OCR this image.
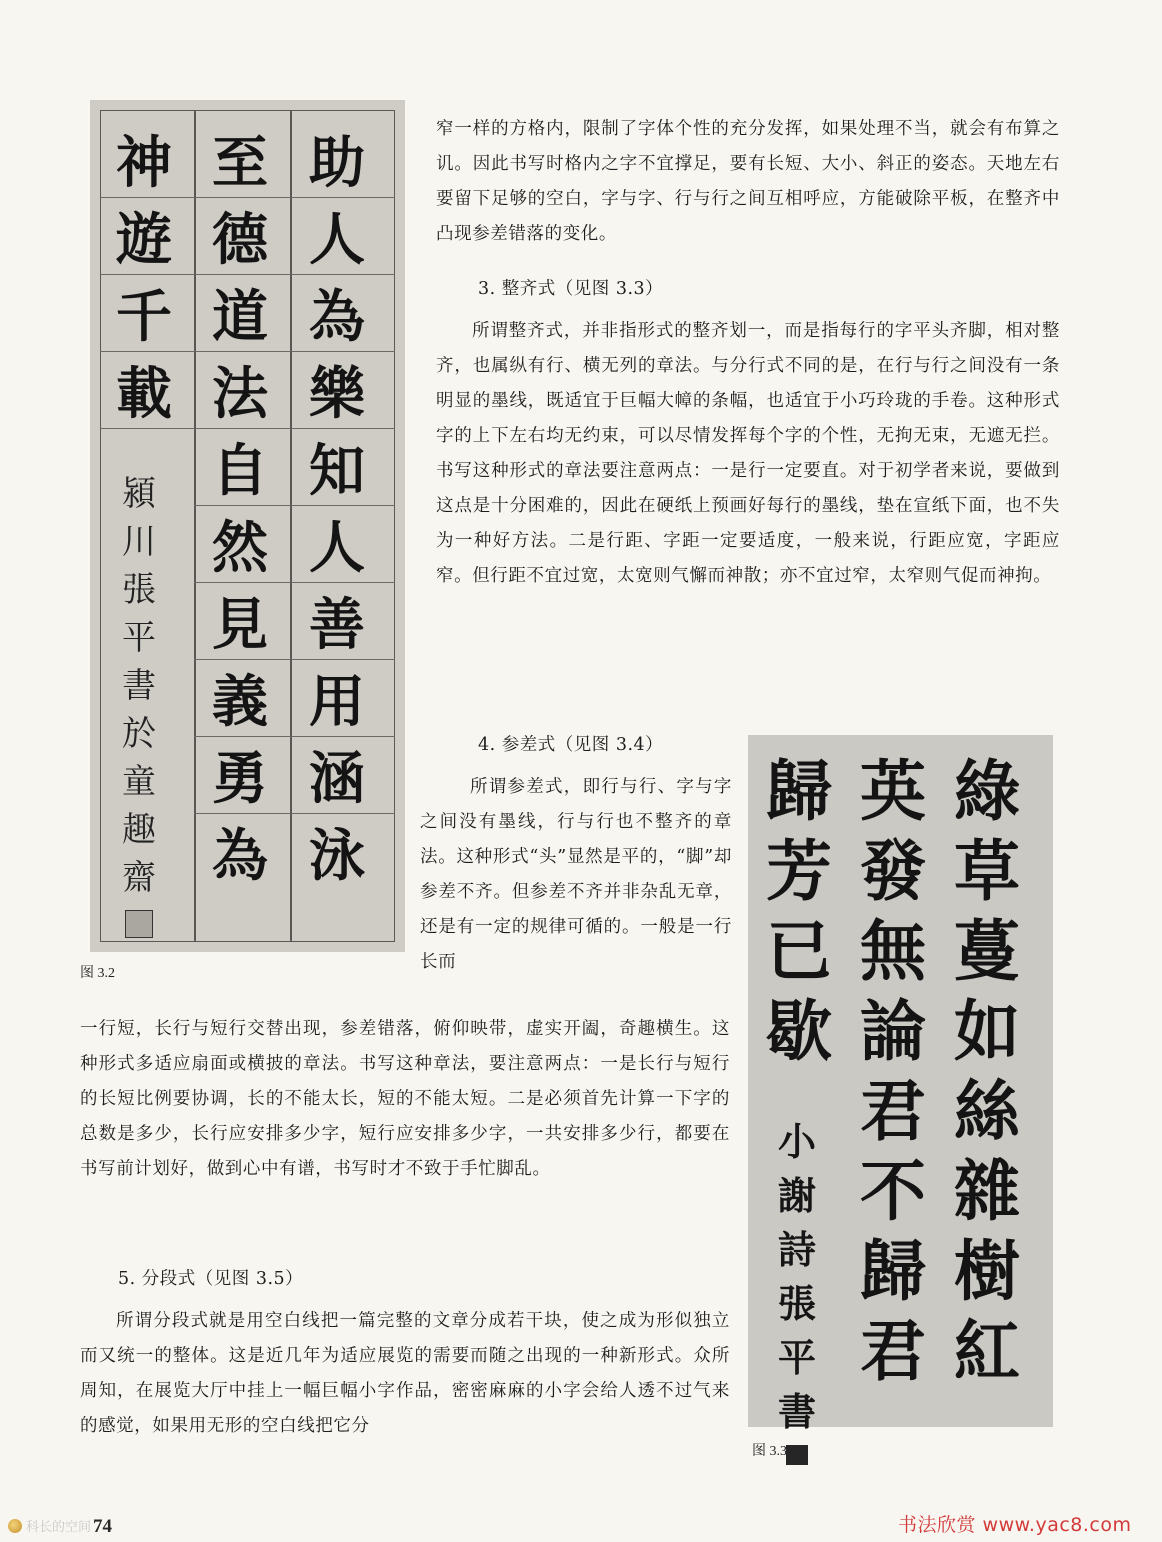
神
遊
千
載
潁
川
張
平
書
於
童
趣
齋
至
德
道
法
自
然
見
義
勇
為
助
人
為
樂
知
人
善
用
涵
泳
图 3.2

窄一样的方格内，限制了字体个性的充分发挥，如果处理不当，就会有布算之讥。因此书写时格内之字不宜撑足，要有长短、大小、斜正的姿态。天地左右要留下足够的空白，字与字、行与行之间互相呼应，方能破除平板，在整齐中凸现参差错落的变化。

3. 整齐式（见图 3.3）

所谓整齐式，并非指形式的整齐划一，而是指每行的字平头齐脚，相对整齐，也属纵有行、横无列的章法。与分行式不同的是，在行与行之间没有一条明显的墨线，既适宜于巨幅大幛的条幅，也适宜于小巧玲珑的手卷。这种形式字的上下左右均无约束，可以尽情发挥每个字的个性，无拘无束，无遮无拦。书写这种形式的章法要注意两点：一是行一定要直。对于初学者来说，要做到这点是十分困难的，因此在硬纸上预画好每行的墨线，垫在宣纸下面，也不失为一种好方法。二是行距、字距一定要适度，一般来说，行距应宽，字距应窄。但行距不宜过宽，太宽则气懈而神散；亦不宜过窄，太窄则气促而神拘。

4. 参差式（见图 3.4）

所谓参差式，即行与行、字与字之间没有墨线，行与行也不整齐的章法。这种形式“头”显然是平的，“脚”却参差不齐。但参差不齐并非杂乱无章，还是有一定的规律可循的。一般是一行长而

一行短，长行与短行交替出现，参差错落，俯仰映带，虚实开阖，奇趣横生。这种形式多适应扇面或横披的章法。书写这种章法，要注意两点：一是长行与短行的长短比例要协调，长的不能太长，短的不能太短。二是必须首先计算一下字的总数是多少，长行应安排多少字，短行应安排多少字，一共安排多少行，都要在书写前计划好，做到心中有谱，书写时才不致于手忙脚乱。

5. 分段式（见图 3.5）

所谓分段式就是用空白线把一篇完整的文章分成若干块，使之成为形似独立而又统一的整体。这是近几年为适应展览的需要而随之出现的一种新形式。众所周知，在展览大厅中挂上一幅巨幅小字作品，密密麻麻的小字会给人透不过气来的感觉，如果用无形的空白线把它分

綠
草
蔓
如
絲
雜
樹
紅
英
發
無
論
君
不
歸
君
歸
芳
已
歇
小
謝
詩
張
平
書
图 3.3
74
科长的空间	书法欣赏 www.yac8.com
